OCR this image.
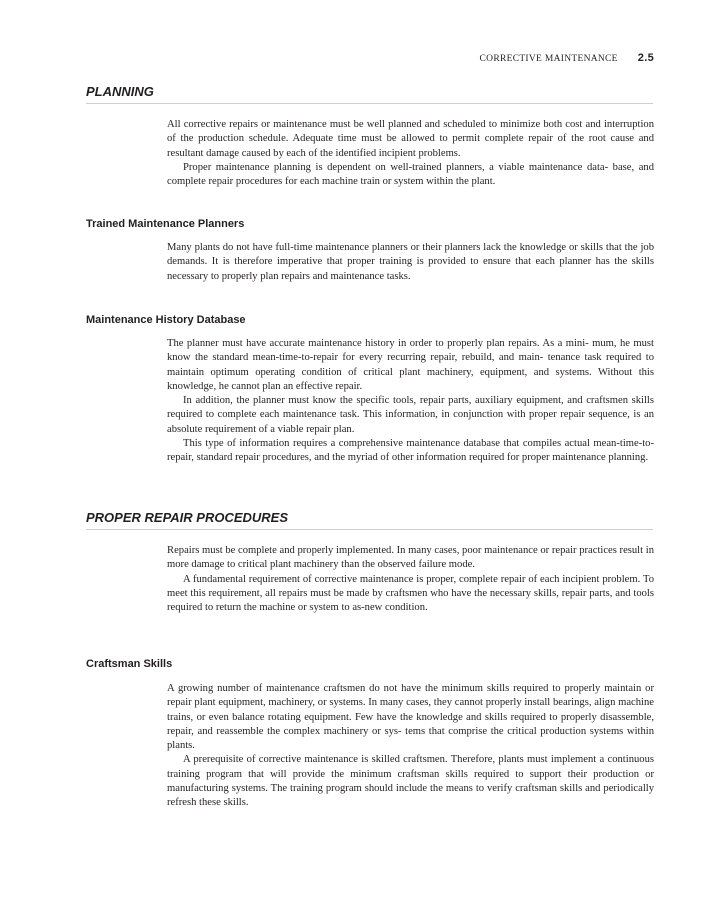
CORRECTIVE MAINTENANCE 2.5
PLANNING

All corrective repairs or maintenance must be well planned and scheduled to minimize both cost and interruption of the production schedule. Adequate time must be allowed to permit complete repair of the root cause and resultant damage caused by each of the identified incipient problems.

Proper maintenance planning is dependent on well-trained planners, a viable maintenance data- base, and complete repair procedures for each machine train or system within the plant.

Trained Maintenance Planners

Many plants do not have full-time maintenance planners or their planners lack the knowledge or skills that the job demands. It is therefore imperative that proper training is provided to ensure that each planner has the skills necessary to properly plan repairs and maintenance tasks.

Maintenance History Database

The planner must have accurate maintenance history in order to properly plan repairs. As a mini- mum, he must know the standard mean-time-to-repair for every recurring repair, rebuild, and main- tenance task required to maintain optimum operating condition of critical plant machinery, equipment, and systems. Without this knowledge, he cannot plan an effective repair.

In addition, the planner must know the specific tools, repair parts, auxiliary equipment, and craftsmen skills required to complete each maintenance task. This information, in conjunction with proper repair sequence, is an absolute requirement of a viable repair plan.

This type of information requires a comprehensive maintenance database that compiles actual mean-time-to-repair, standard repair procedures, and the myriad of other information required for proper maintenance planning.

PROPER REPAIR PROCEDURES

Repairs must be complete and properly implemented. In many cases, poor maintenance or repair practices result in more damage to critical plant machinery than the observed failure mode.

A fundamental requirement of corrective maintenance is proper, complete repair of each incipient problem. To meet this requirement, all repairs must be made by craftsmen who have the necessary skills, repair parts, and tools required to return the machine or system to as-new condition.

Craftsman Skills

A growing number of maintenance craftsmen do not have the minimum skills required to properly maintain or repair plant equipment, machinery, or systems. In many cases, they cannot properly install bearings, align machine trains, or even balance rotating equipment. Few have the knowledge and skills required to properly disassemble, repair, and reassemble the complex machinery or sys- tems that comprise the critical production systems within plants.

A prerequisite of corrective maintenance is skilled craftsmen. Therefore, plants must implement a continuous training program that will provide the minimum craftsman skills required to support their production or manufacturing systems. The training program should include the means to verify craftsman skills and periodically refresh these skills.
